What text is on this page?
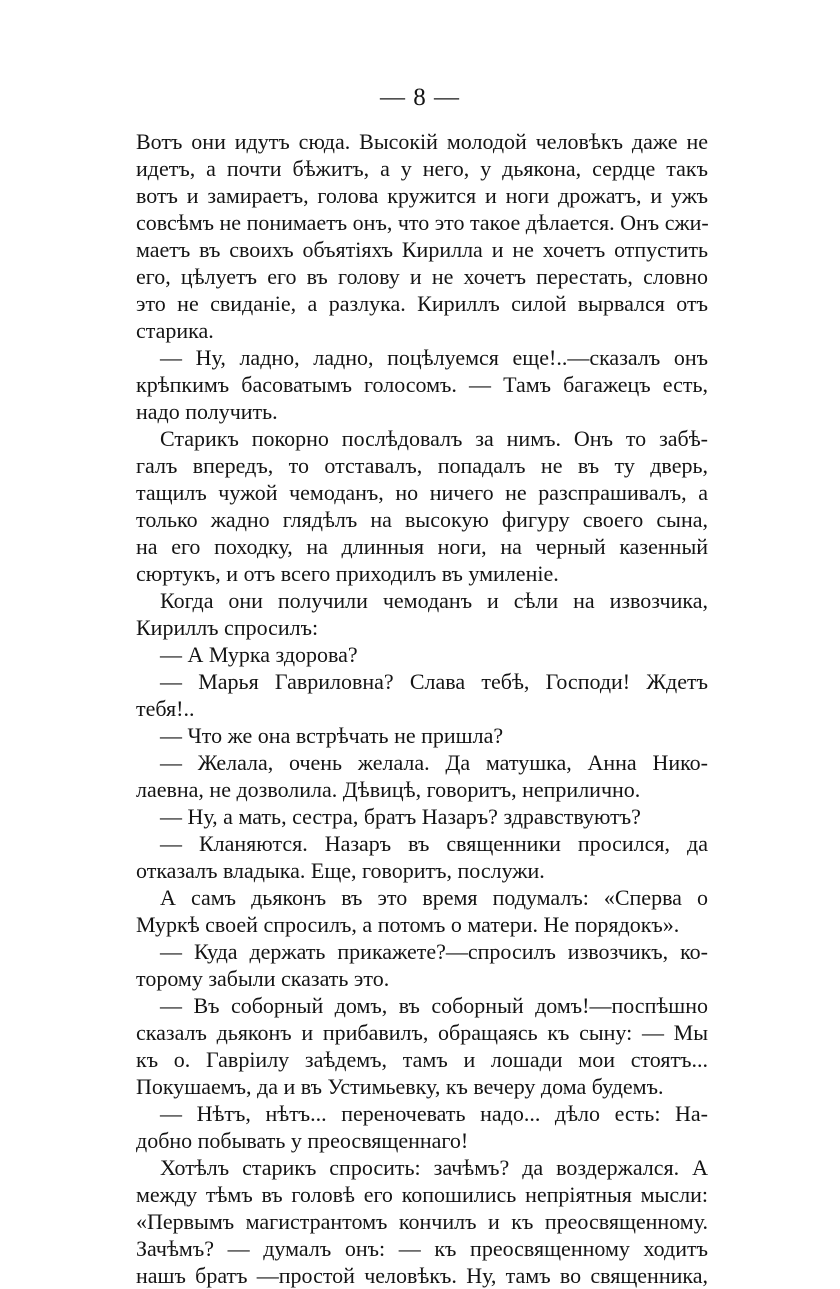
— 8 —
Вотъ они идутъ сюда. Высокій молодой человѣкъ даже не
идетъ, а почти бѣжитъ, а у него, у дьякона, сердце такъ
вотъ и замираетъ, голова кружится и ноги дрожатъ, и ужъ
совсѣмъ не понимаетъ онъ, что это такое дѣлается. Онъ сжи-
маетъ въ своихъ объятіяхъ Кирилла и не хочетъ отпустить
его, цѣлуетъ его въ голову и не хочетъ перестать, словно
это не свиданіе, а разлука. Кириллъ силой вырвался отъ
старика.
— Ну, ладно, ладно, поцѣлуемся еще!..—сказалъ онъ
крѣпкимъ басоватымъ голосомъ. — Тамъ багажецъ есть,
надо получить.
Старикъ покорно послѣдовалъ за нимъ. Онъ то забѣ-
галъ впередъ, то отставалъ, попадалъ не въ ту дверь,
тащилъ чужой чемоданъ, но ничего не разспрашивалъ, а
только жадно глядѣлъ на высокую фигуру своего сына,
на его походку, на длинныя ноги, на черный казенный
сюртукъ, и отъ всего приходилъ въ умиленіе.
Когда они получили чемоданъ и сѣли на извозчика,
Кириллъ спросилъ:
— А Мурка здорова?
— Марья Гавриловна? Слава тебѣ, Господи! Ждетъ
тебя!..
— Что же она встрѣчать не пришла?
— Желала, очень желала. Да матушка, Анна Нико-
лаевна, не дозволила. Дѣвицѣ, говоритъ, неприлично.
— Ну, а мать, сестра, братъ Назаръ? здравствуютъ?
— Кланяются. Назаръ въ священники просился, да
отказалъ владыка. Еще, говоритъ, послужи.
А самъ дьяконъ въ это время подумалъ: «Сперва о
Муркѣ своей спросилъ, а потомъ о матери. Не порядокъ».
— Куда держать прикажете?—спросилъ извозчикъ, ко-
торому забыли сказать это.
— Въ соборный домъ, въ соборный домъ!—поспѣшно
сказалъ дьяконъ и прибавилъ, обращаясь къ сыну: — Мы
къ о. Гаврiилу заѣдемъ, тамъ и лошади мои стоятъ...
Покушаемъ, да и въ Устимьевку, къ вечеру дома будемъ.
— Нѣтъ, нѣтъ... переночевать надо... дѣло есть: На-
добно побывать у преосвященнаго!
Хотѣлъ старикъ спросить: зачѣмъ? да воздержался. А
между тѣмъ въ головѣ его копошились непріятныя мысли:
«Первымъ магистрантомъ кончилъ и къ преосвященному.
Зачѣмъ? — думалъ онъ: — къ преосвященному ходитъ
нашъ братъ —простой человѣкъ. Ну, тамъ во священника,
